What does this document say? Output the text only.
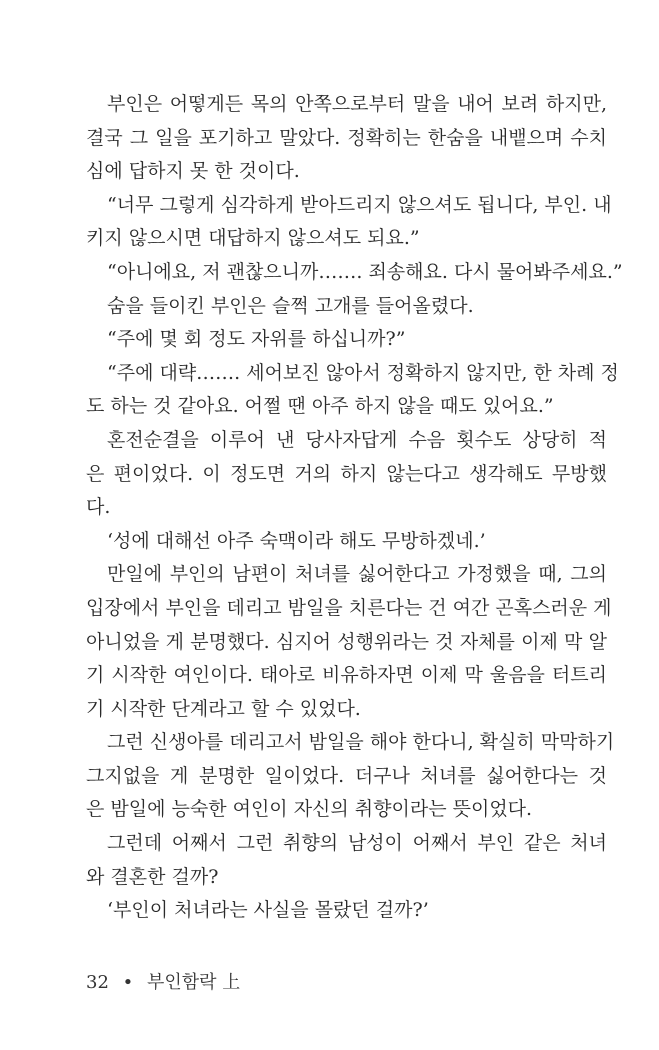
부인은 어떻게든 목의 안쪽으로부터 말을 내어 보려 하지만,
결국 그 일을 포기하고 말았다. 정확히는 한숨을 내뱉으며 수치
심에 답하지 못 한 것이다.
“너무 그렇게 심각하게 받아드리지 않으셔도 됩니다, 부인. 내
키지 않으시면 대답하지 않으셔도 되요.”
“아니에요, 저 괜찮으니까……. 죄송해요. 다시 물어봐주세요.”
숨을 들이킨 부인은 슬쩍 고개를 들어올렸다.
“주에 몇 회 정도 자위를 하십니까?”
“주에 대략……. 세어보진 않아서 정확하지 않지만, 한 차례 정
도 하는 것 같아요. 어쩔 땐 아주 하지 않을 때도 있어요.”
혼전순결을 이루어 낸 당사자답게 수음 횟수도 상당히 적
은 편이었다. 이 정도면 거의 하지 않는다고 생각해도 무방했
다.
‘성에 대해선 아주 숙맥이라 해도 무방하겠네.’
만일에 부인의 남편이 처녀를 싫어한다고 가정했을 때, 그의
입장에서 부인을 데리고 밤일을 치른다는 건 여간 곤혹스러운 게
아니었을 게 분명했다. 심지어 성행위라는 것 자체를 이제 막 알
기 시작한 여인이다. 태아로 비유하자면 이제 막 울음을 터트리
기 시작한 단계라고 할 수 있었다.
그런 신생아를 데리고서 밤일을 해야 한다니, 확실히 막막하기
그지없을 게 분명한 일이었다. 더구나 처녀를 싫어한다는 것
은 밤일에 능숙한 여인이 자신의 취향이라는 뜻이었다.
그런데 어째서 그런 취향의 남성이 어째서 부인 같은 처녀
와 결혼한 걸까?
‘부인이 처녀라는 사실을 몰랐던 걸까?’
32 • 부인함락 上
